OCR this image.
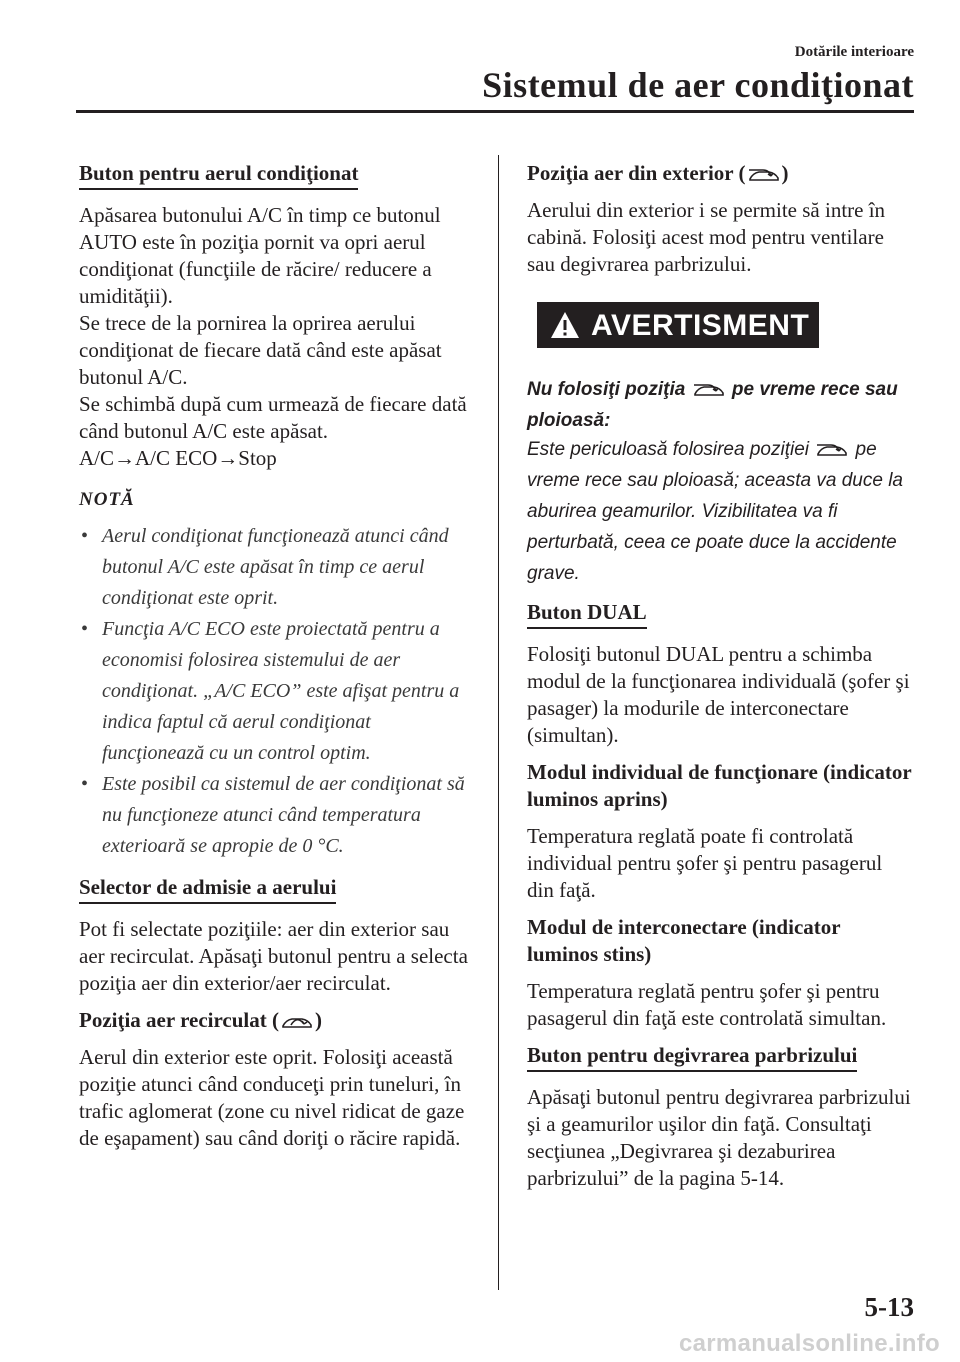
Dotările interioare
Sistemul de aer condiţionat
Buton pentru aerul condiţionat

Apăsarea butonului A/C în timp ce butonul AUTO este în poziţia pornit va opri aerul condiţionat (funcţiile de răcire/ reducere a umidităţii).
Se trece de la pornirea la oprirea aerului condiţionat de fiecare dată când este apăsat butonul A/C.
Se schimbă după cum urmează de fiecare dată când butonul A/C este apăsat.
A/C→A/C ECO→Stop

NOTĂ
• Aerul condiţionat funcţionează atunci când butonul A/C este apăsat în timp ce aerul condiţionat este oprit.
• Funcţia A/C ECO este proiectată pentru a economisi folosirea sistemului de aer condiţionat. „A/C ECO” este afişat pentru a indica faptul că aerul condiţionat funcţionează cu un control optim.
• Este posibil ca sistemul de aer condiţionat să nu funcţioneze atunci când temperatura exterioară se apropie de 0 °C.
Selector de admisie a aerului

Pot fi selectate poziţiile: aer din exterior sau aer recirculat. Apăsaţi butonul pentru a selecta poziţia aer din exterior/aer recirculat.

Poziţia aer recirculat ( )

Aerul din exterior este oprit. Folosiţi această poziţie atunci când conduceţi prin tuneluri, în trafic aglomerat (zone cu nivel ridicat de gaze de eşapament) sau când doriţi o răcire rapidă.

Poziţia aer din exterior ( )

Aerului din exterior i se permite să intre în cabină. Folosiţi acest mod pentru ventilare sau degivrarea parbrizului.

AVERTISMENT

Nu folosiţi poziţia  pe vreme rece sau ploioasă:

Este periculoasă folosirea poziţiei  pe vreme rece sau ploioasă; aceasta va duce la aburirea geamurilor. Vizibilitatea va fi perturbată, ceea ce poate duce la accidente grave.

Buton DUAL

Folosiţi butonul DUAL pentru a schimba modul de la funcţionarea individuală (şofer şi pasager) la modurile de interconectare (simultan).

Modul individual de funcţionare (indicator luminos aprins)

Temperatura reglată poate fi controlată individual pentru şofer şi pentru pasagerul din faţă.

Modul de interconectare (indicator luminos stins)

Temperatura reglată pentru şofer şi pentru pasagerul din faţă este controlată simultan.

Buton pentru degivrarea parbrizului

Apăsaţi butonul pentru degivrarea parbrizului şi a geamurilor uşilor din faţă. Consultaţi secţiunea „Degivrarea şi dezaburirea parbrizului” de la pagina 5-14.

5-13
carmanualsonline.info
